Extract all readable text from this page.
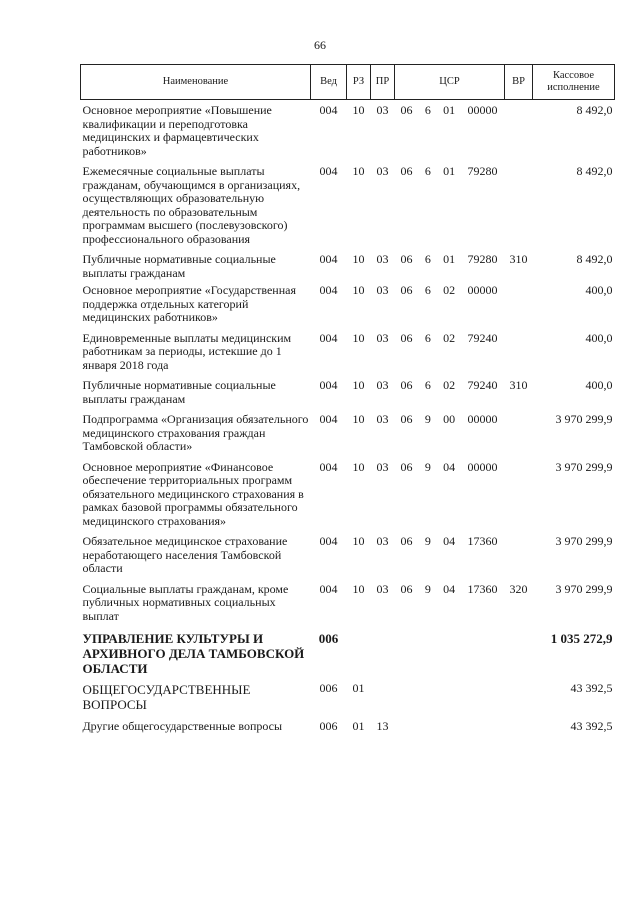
66
Наименование	Вед	РЗ	ПР	ЦСР	ВР	Кассовое исполнение
Основное мероприятие «Повышение квалификации и переподготовка медицинских и фармацевтических работников»	004	10	03	06 6 01 00000		8 492,0
Ежемесячные социальные выплаты гражданам, обучающимся в организациях, осуществляющих образовательную деятельность по образовательным программам высшего (послевузовского) профессионального образования	004	10	03	06 6 01 79280		8 492,0
Публичные нормативные социальные выплаты гражданам	004	10	03	06 6 01 79280	310	8 492,0
Основное мероприятие «Государственная поддержка отдельных категорий медицинских работников»	004	10	03	06 6 02 00000		400,0
Единовременные выплаты медицинским работникам за периоды, истекшие до 1 января 2018 года	004	10	03	06 6 02 79240		400,0
Публичные нормативные социальные выплаты гражданам	004	10	03	06 6 02 79240	310	400,0
Подпрограмма «Организация обязательного медицинского страхования граждан Тамбовской области»	004	10	03	06 9 00 00000		3 970 299,9
Основное мероприятие «Финансовое обеспечение территориальных программ обязательного медицинского страхования в рамках базовой программы обязательного медицинского страхования»	004	10	03	06 9 04 00000		3 970 299,9
Обязательное медицинское страхование неработающего населения Тамбовской области	004	10	03	06 9 04 17360		3 970 299,9
Социальные выплаты гражданам, кроме публичных нормативных социальных выплат	004	10	03	06 9 04 17360	320	3 970 299,9
УПРАВЛЕНИЕ КУЛЬТУРЫ И АРХИВНОГО ДЕЛА ТАМБОВСКОЙ ОБЛАСТИ	006					1 035 272,9
ОБЩЕГОСУДАРСТВЕННЫЕ ВОПРОСЫ	006	01				43 392,5
Другие общегосударственные вопросы	006	01	13			43 392,5
